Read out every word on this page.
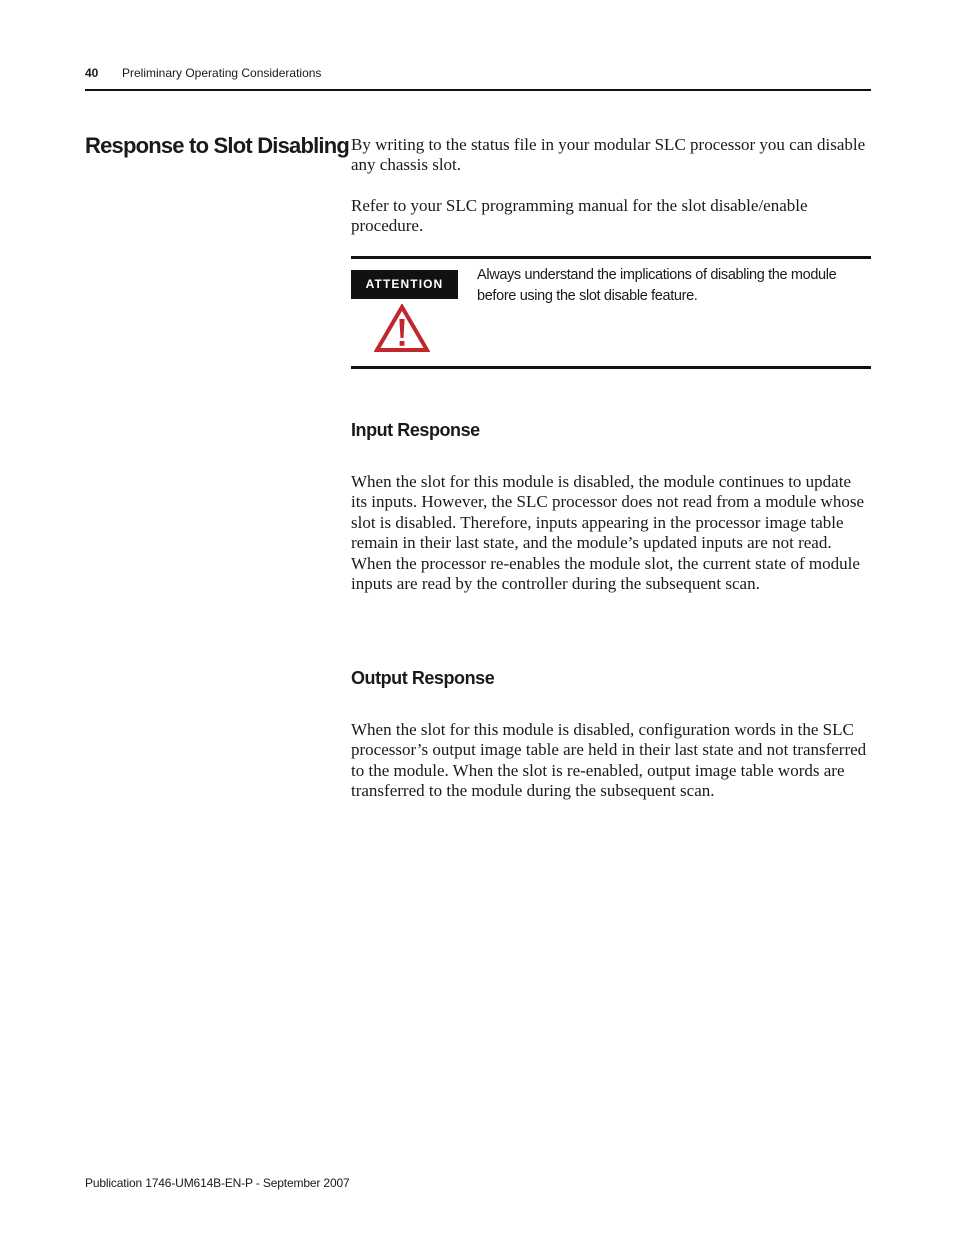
40 Preliminary Operating Considerations
Response to Slot Disabling By writing to the status file in your modular SLC processor you can disable any chassis slot.

Refer to your SLC programming manual for the slot disable/enable procedure.

ATTENTION

Always understand the implications of disabling the module before using the slot disable feature.

Input Response

When the slot for this module is disabled, the module continues to update its inputs. However, the SLC processor does not read from a module whose slot is disabled. Therefore, inputs appearing in the processor image table remain in their last state, and the module’s updated inputs are not read. When the processor re-enables the module slot, the current state of module inputs are read by the controller during the subsequent scan.

Output Response

When the slot for this module is disabled, configuration words in the SLC processor’s output image table are held in their last state and not transferred to the module. When the slot is re-enabled, output image table words are transferred to the module during the subsequent scan.

Publication 1746-UM614B-EN-P - September 2007
